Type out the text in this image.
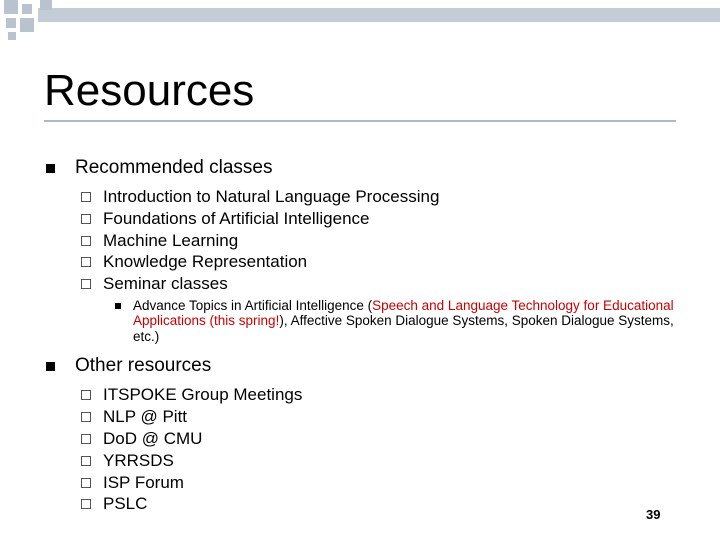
Resources
Recommended classes
Introduction to Natural Language Processing
Foundations of Artificial Intelligence
Machine Learning
Knowledge Representation
Seminar classes
Advance Topics in Artificial Intelligence (Speech and Language Technology for Educational Applications (this spring!), Affective Spoken Dialogue Systems, Spoken Dialogue Systems, etc.)
Other resources
ITSPOKE Group Meetings
NLP @ Pitt
DoD @ CMU
YRRSDS
ISP Forum
PSLC
39
